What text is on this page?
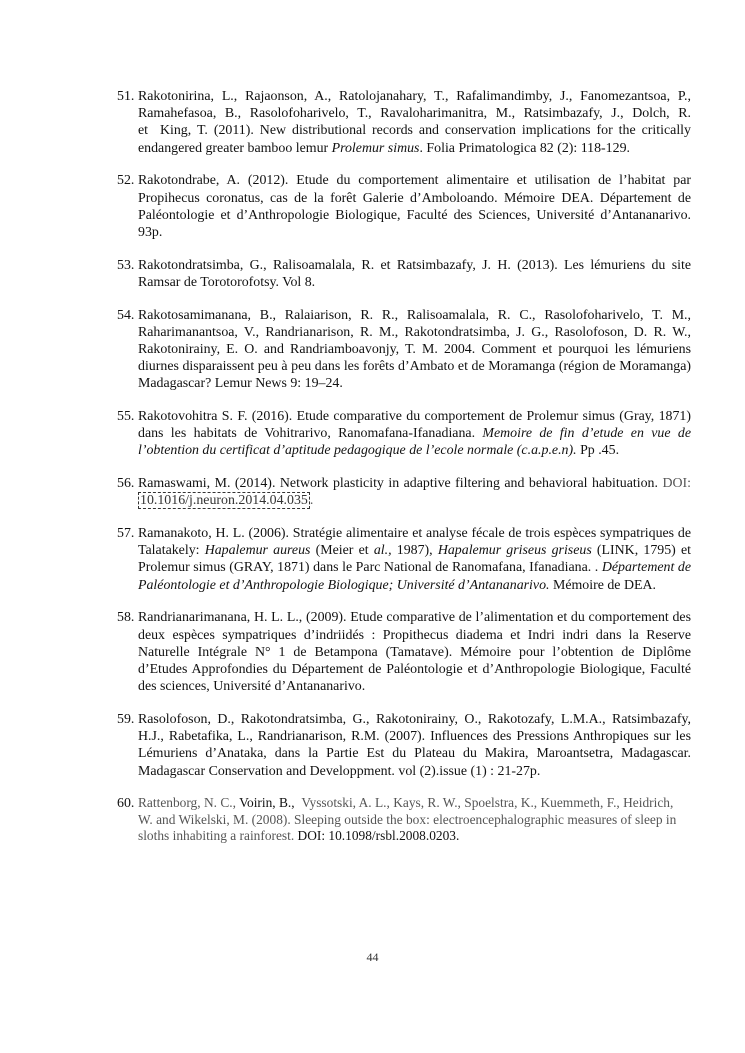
51. Rakotonirina, L., Rajaonson, A., Ratolojanahary, T., Rafalimandimby, J., Fanomezantsoa, P., Ramahefasoa, B., Rasolofoharivelo, T., Ravaloharimanitra, M., Ratsimbazafy, J., Dolch, R. et  King, T. (2011). New distributional records and conservation implications for the critically endangered greater bamboo lemur Prolemur simus. Folia Primatologica 82 (2): 118-129.
52. Rakotondrabe, A. (2012). Etude du comportement alimentaire et utilisation de l’habitat par Propihecus coronatus, cas de la forêt Galerie d’Amboloando. Mémoire DEA. Département de Paléontologie et d’Anthropologie Biologique, Faculté des Sciences, Université d’Antananarivo. 93p.
53. Rakotondratsimba, G., Ralisoamalala, R. et Ratsimbazafy, J. H. (2013). Les lémuriens du site Ramsar de Torotorofotsy. Vol 8.
54. Rakotosamimanana, B., Ralaiarison, R. R., Ralisoamalala, R. C., Rasolofoharivelo, T. M., Raharimanantsoa, V., Randrianarison, R. M., Rakotondratsimba, J. G., Rasolofoson, D. R. W., Rakotonirainy, E. O. and Randriamboavonjy, T. M. 2004. Comment et pourquoi les lémuriens diurnes disparaissent peu à peu dans les forêts d’Ambato et de Moramanga (région de Moramanga) Madagascar? Lemur News 9: 19–24.
55. Rakotovohitra S. F. (2016). Etude comparative du comportement de Prolemur simus (Gray, 1871) dans les habitats de Vohitrarivo, Ranomafana-Ifanadiana. Memoire de fin d’etude en vue de l’obtention du certificat d’aptitude pedagogique de l’ecole normale (c.a.p.e.n). Pp .45.
56. Ramaswami, M. (2014). Network plasticity in adaptive filtering and behavioral habituation. DOI: 10.1016/j.neuron.2014.04.035 .
57. Ramanakoto, H. L. (2006). Stratégie alimentaire et analyse fécale de trois espèces sympatriques de Talatakely: Hapalemur aureus (Meier et al., 1987), Hapalemur griseus griseus (LINK, 1795) et Prolemur simus (GRAY, 1871) dans le Parc National de Ranomafana, Ifanadiana. . Département de Paléontologie et d’Anthropologie Biologique; Université d’Antananarivo. Mémoire de DEA.
58. Randrianarimanana, H. L. L., (2009). Etude comparative de l’alimentation et du comportement des deux espèces sympatriques d’indriidés : Propithecus diadema et Indri indri dans la Reserve Naturelle Intégrale N° 1 de Betampona (Tamatave). Mémoire pour l’obtention de Diplôme d’Etudes Approfondies du Département de Paléontologie et d’Anthropologie Biologique, Faculté des sciences, Université d’Antananarivo.
59. Rasolofoson, D., Rakotondratsimba, G., Rakotonirainy, O., Rakotozafy, L.M.A., Ratsimbazafy, H.J., Rabetafika, L., Randrianarison, R.M. (2007). Influences des Pressions Anthropiques sur les Lémuriens d’Anataka, dans la Partie Est du Plateau du Makira, Maroantsetra, Madagascar. Madagascar Conservation and Developpment. vol (2).issue (1) : 21-27p.
60. Rattenborg, N. C., Voirin, B.,  Vyssotski, A. L., Kays, R. W., Spoelstra, K., Kuemmeth, F., Heidrich, W. and Wikelski, M. (2008). Sleeping outside the box: electroencephalographic measures of sleep in sloths inhabiting a rainforest. DOI: 10.1098/rsbl.2008.0203.
44
